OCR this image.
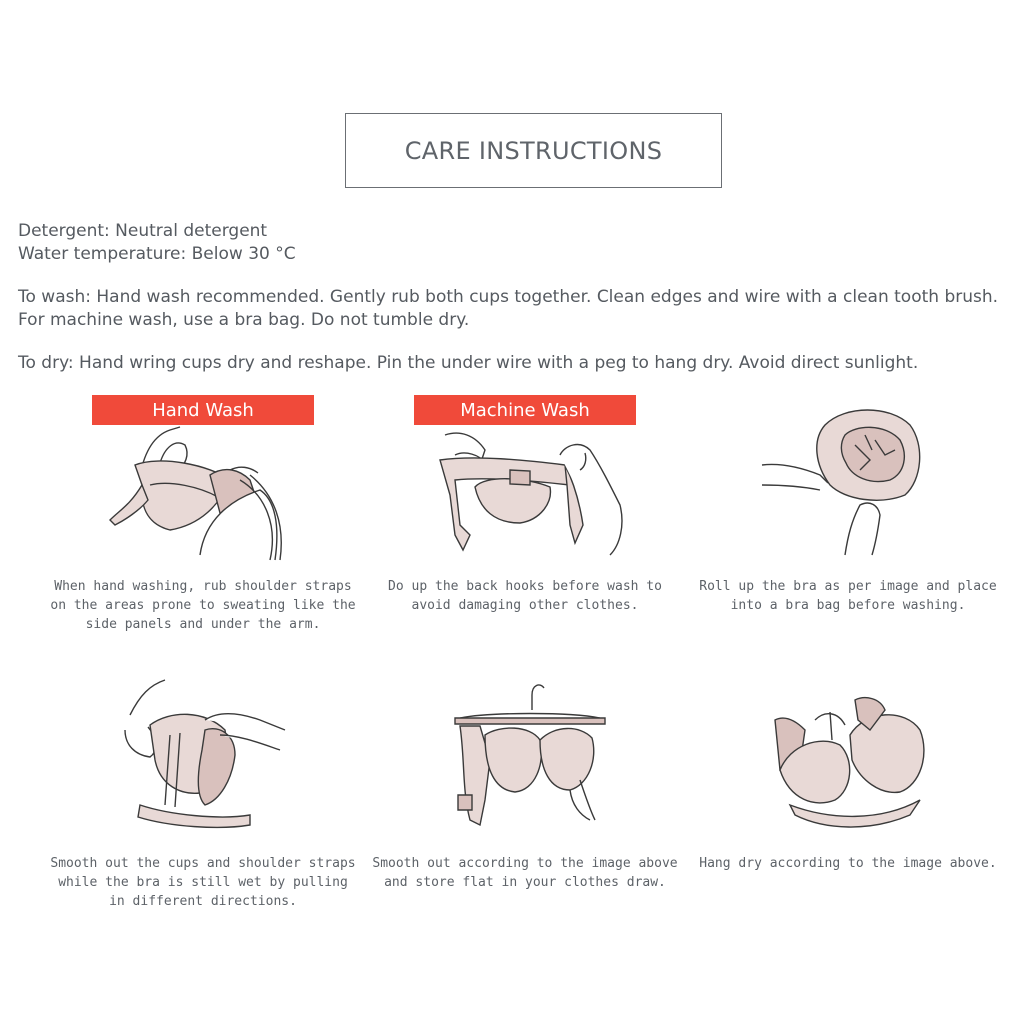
CARE INSTRUCTIONS
Detergent: Neutral detergent
Water temperature: Below 30 °C
To wash: Hand wash recommended. Gently rub both cups together. Clean edges and wire with a clean tooth brush. For machine wash, use a bra bag. Do not tumble dry.
To dry: Hand wring cups dry and reshape. Pin the under wire with a peg to hang dry. Avoid direct sunlight.
Hand Wash	Machine Wash
When hand washing, rub shoulder straps on the areas prone to sweating like the side panels and under the arm.
Do up the back hooks before wash to avoid damaging other clothes.
Roll up the bra as per image and place into a bra bag before washing.
Smooth out the cups and shoulder straps while the bra is still wet by pulling in different directions.
Smooth out according to the image above and store flat in your clothes draw.
Hang dry according to the image above.
